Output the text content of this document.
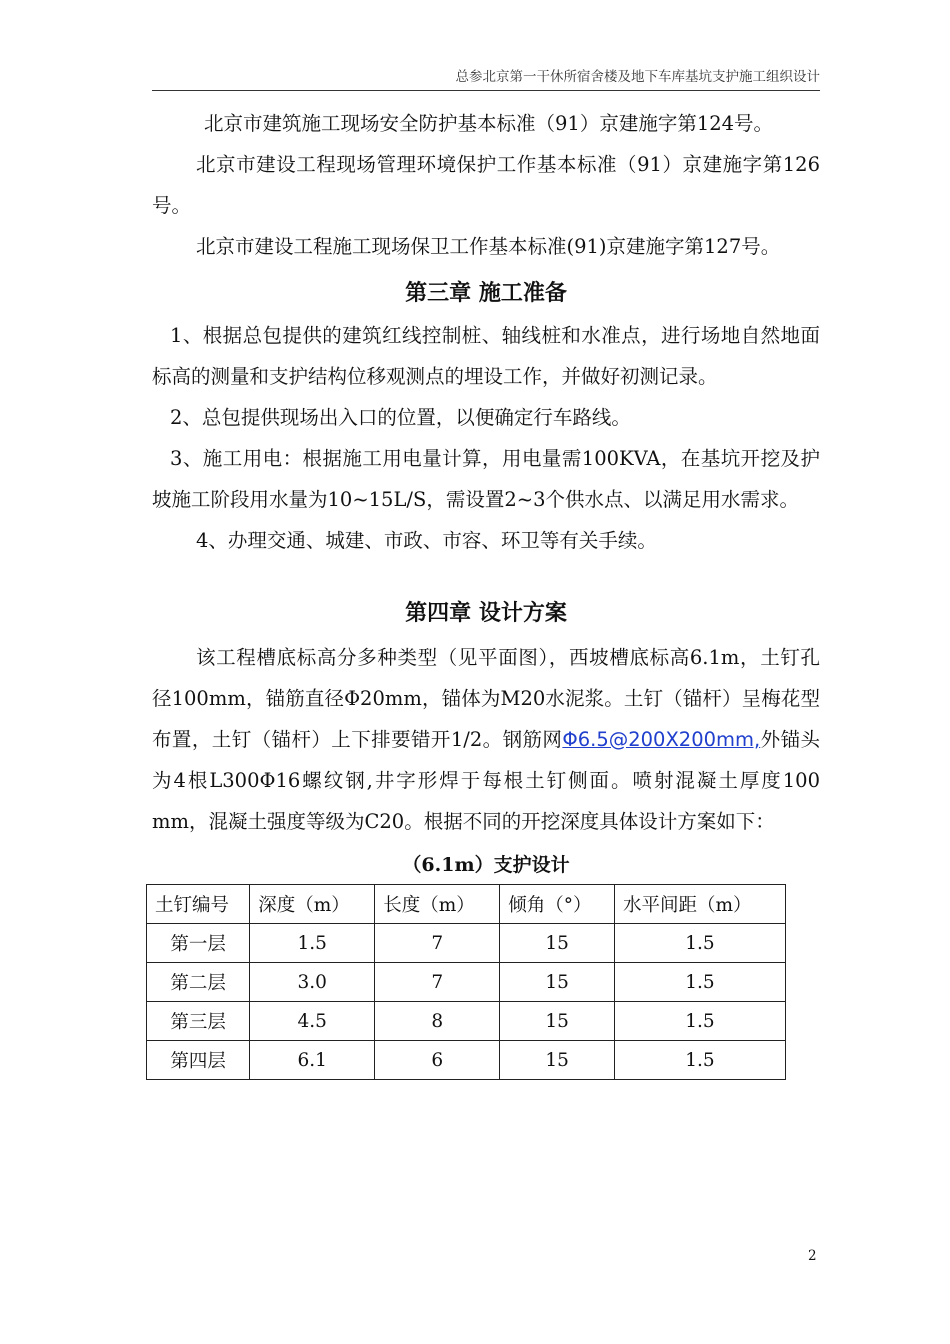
总参北京第一干休所宿舍楼及地下车库基坑支护施工组织设计

北京市建筑施工现场安全防护基本标准（91）京建施字第124号。

北京市建设工程现场管理环境保护工作基本标准（91）京建施字第126号。

北京市建设工程施工现场保卫工作基本标准(91)京建施字第127号。

第三章 施工准备

1、根据总包提供的建筑红线控制桩、轴线桩和水准点，进行场地自然地面标高的测量和支护结构位移观测点的埋设工作，并做好初测记录。

2、总包提供现场出入口的位置，以便确定行车路线。

3、施工用电：根据施工用电量计算，用电量需100KVA，在基坑开挖及护坡施工阶段用水量为10~15L/S，需设置2~3个供水点、以满足用水需求。

4、办理交通、城建、市政、市容、环卫等有关手续。

第四章 设计方案

该工程槽底标高分多种类型（见平面图），西坡槽底标高6.1m，土钉孔径100mm，锚筋直径Φ20mm，锚体为M20水泥浆。土钉（锚杆）呈梅花型布置，土钉（锚杆）上下排要错开1/2。钢筋网Φ6.5@200X200mm,外锚头为4根L300Φ16螺纹钢,井字形焊于每根土钉侧面。喷射混凝土厚度100 mm，混凝土强度等级为C20。根据不同的开挖深度具体设计方案如下：

（6.1m）支护设计

土钉编号	深度（m）	长度（m）	倾角（°）	水平间距（m）
第一层	1.5	7	15	1.5
第二层	3.0	7	15	1.5
第三层	4.5	8	15	1.5
第四层	6.1	6	15	1.5
2
